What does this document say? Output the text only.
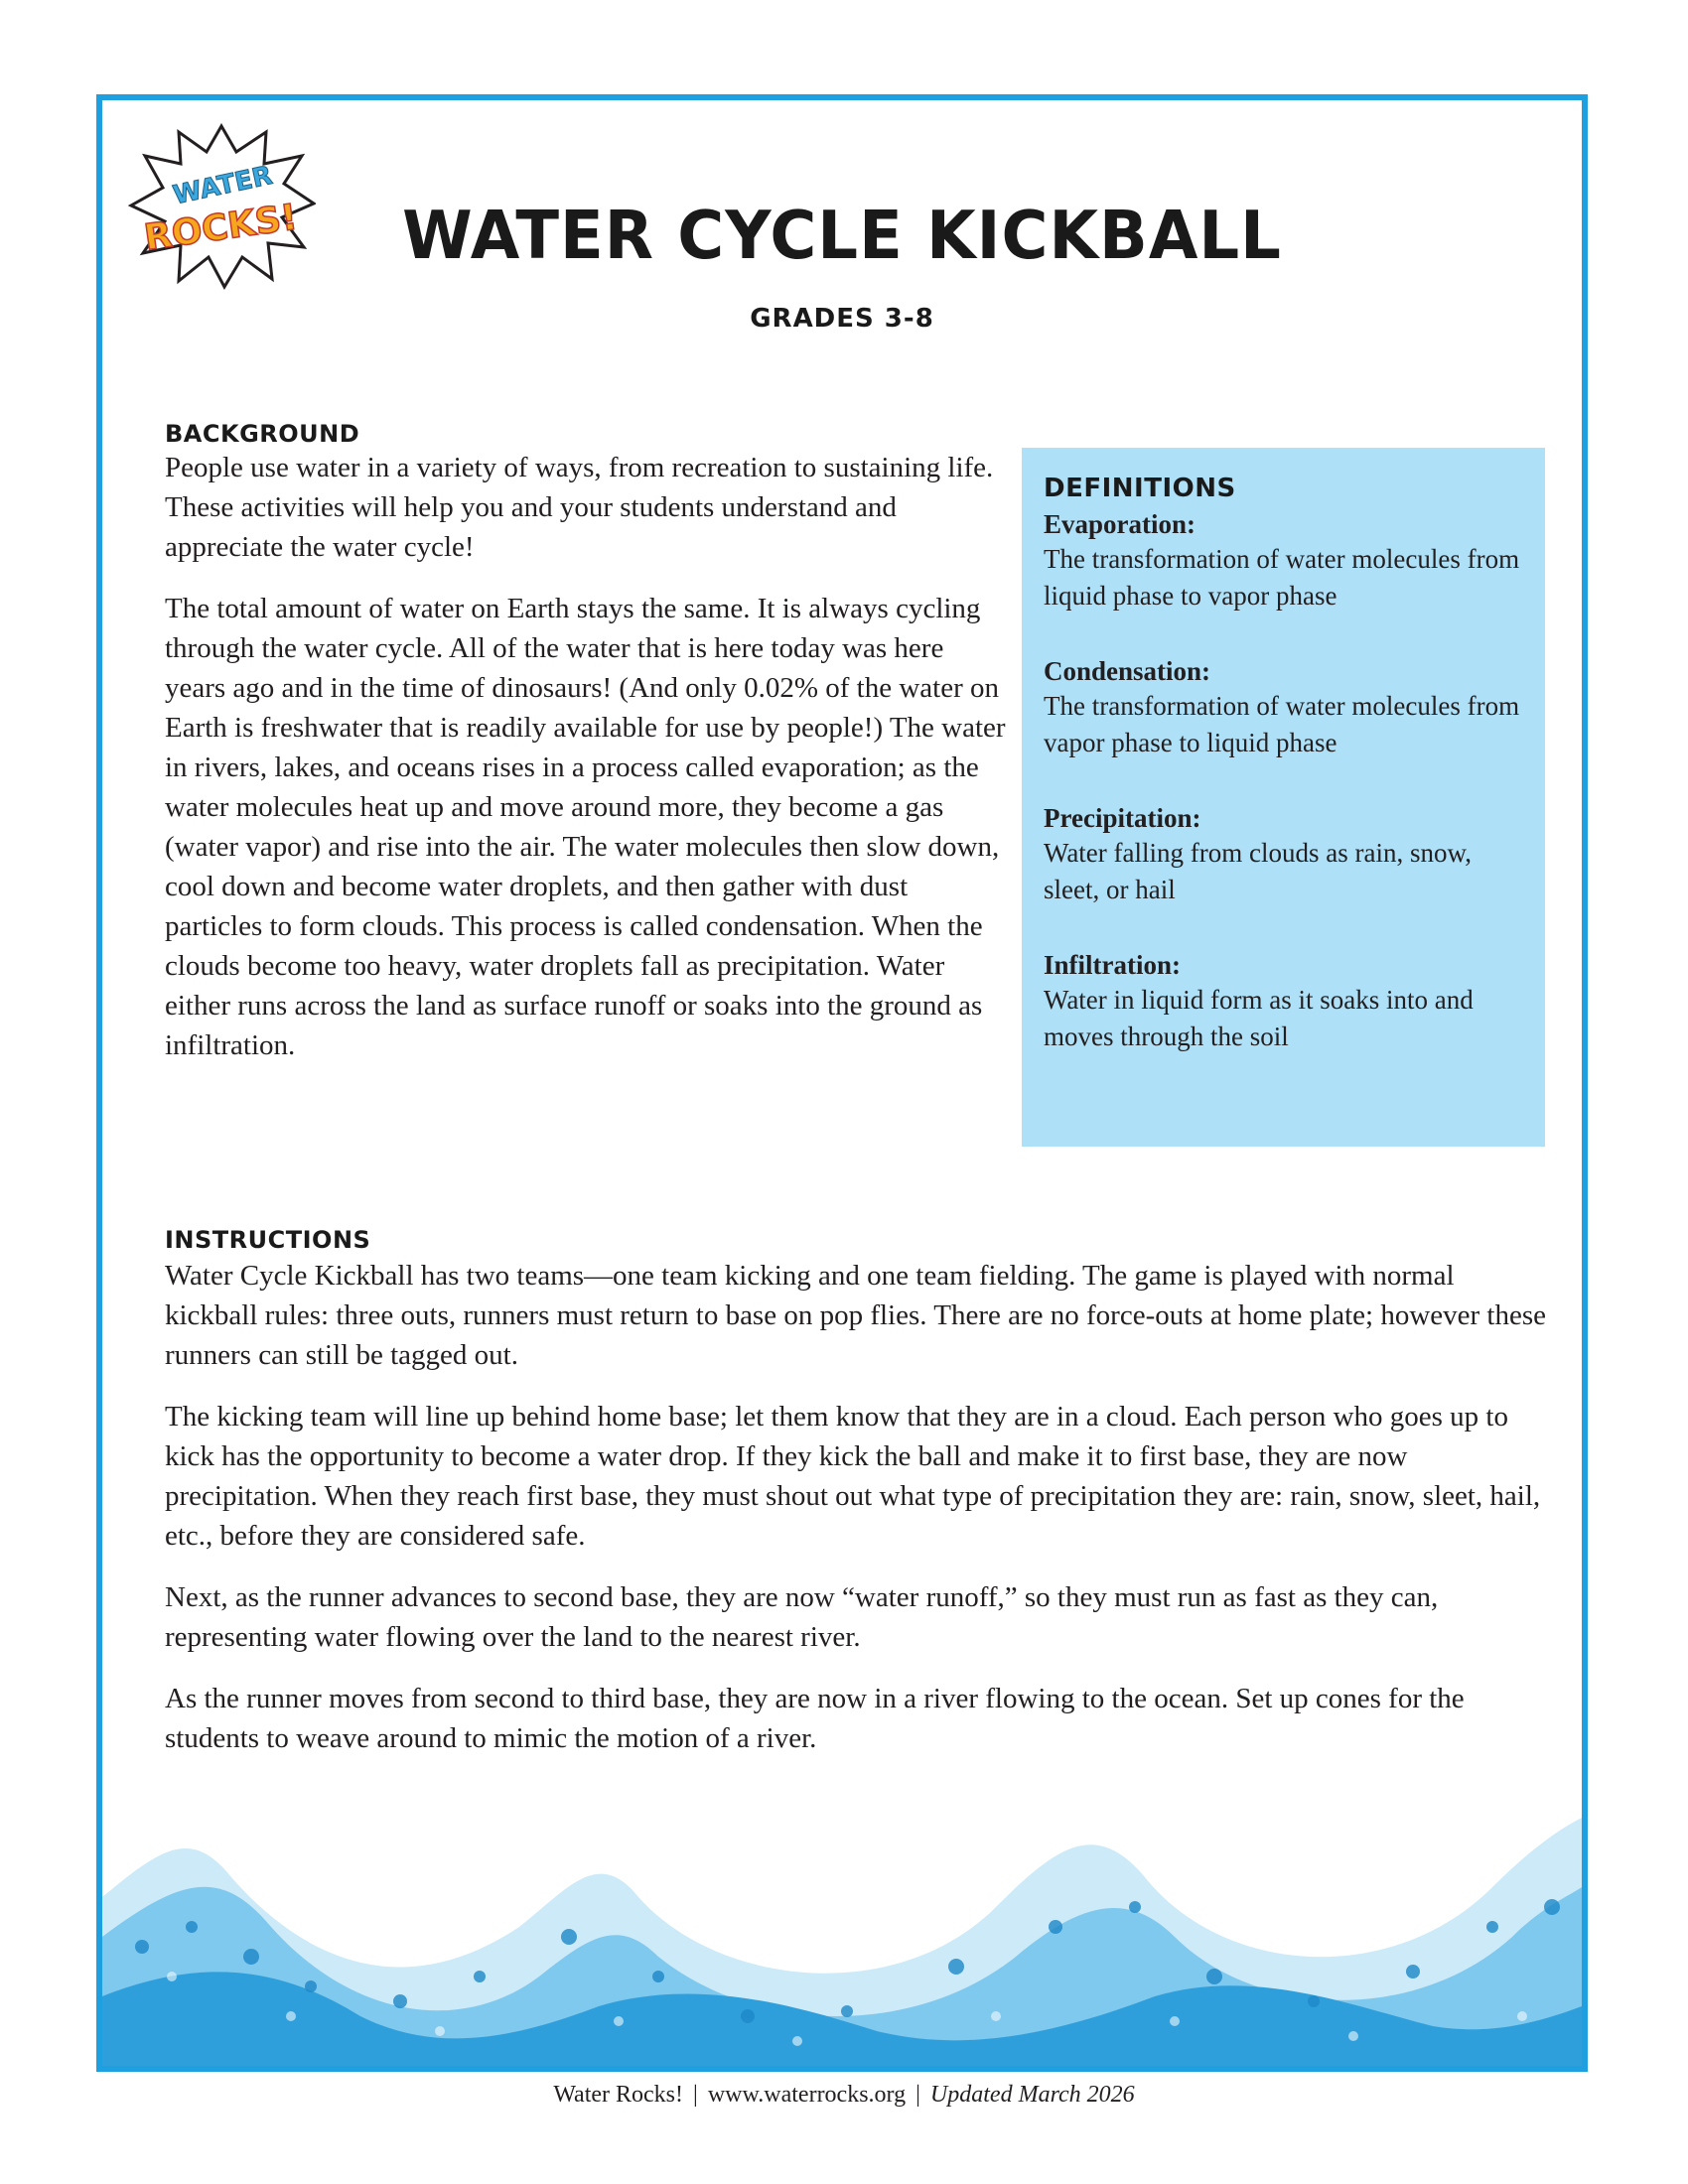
WATER
ROCKS!	WATER CYCLE KICKBALL
GRADES 3-8
BACKGROUND

People use water in a variety of ways, from recreation to sustaining life. These activities will help you and your students understand and appreciate the water cycle!

The total amount of water on Earth stays the same. It is always cycling through the water cycle. All of the water that is here today was here years ago and in the time of dinosaurs! (And only 0.02% of the water on Earth is freshwater that is readily available for use by people!) The water in rivers, lakes, and oceans rises in a process called evaporation; as the water molecules heat up and move around more, they become a gas (water vapor) and rise into the air. The water molecules then slow down, cool down and become water droplets, and then gather with dust particles to form clouds. This process is called condensation. When the clouds become too heavy, water droplets fall as precipitation. Water either runs across the land as surface runoff or soaks into the ground as infiltration.

DEFINITIONS
Evaporation:
The transformation of water molecules from liquid phase to vapor phase
Condensation:
The transformation of water molecules from vapor phase to liquid phase
Precipitation:
Water falling from clouds as rain, snow, sleet, or hail
Infiltration:
Water in liquid form as it soaks into and moves through the soil
INSTRUCTIONS

Water Cycle Kickball has two teams—one team kicking and one team fielding. The game is played with normal kickball rules: three outs, runners must return to base on pop flies. There are no force-outs at home plate; however these runners can still be tagged out.

The kicking team will line up behind home base; let them know that they are in a cloud. Each person who goes up to kick has the opportunity to become a water drop. If they kick the ball and make it to first base, they are now precipitation. When they reach first base, they must shout out what type of precipitation they are: rain, snow, sleet, hail, etc., before they are considered safe.

Next, as the runner advances to second base, they are now “water runoff,” so they must run as fast as they can, representing water flowing over the land to the nearest river.

As the runner moves from second to third base, they are now in a river flowing to the ocean. Set up cones for the students to weave around to mimic the motion of a river.

Water Rocks! | www.waterrocks.org | Updated March 2026
